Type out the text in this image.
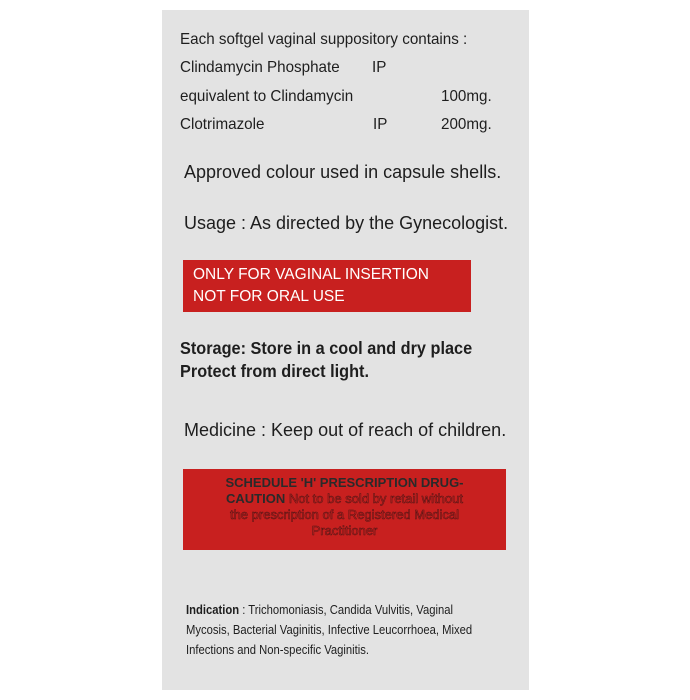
Each softgel vaginal suppository contains :
Clindamycin Phosphate IP
equivalent to Clindamycin	100mg.
Clotrimazole	IP	200mg.
Approved colour used in capsule shells.
Usage : As directed by the Gynecologist.
ONLY FOR VAGINAL INSERTION
NOT FOR ORAL USE
Storage: Store in a cool and dry place
Protect from direct light.
Medicine : Keep out of reach of children.
SCHEDULE 'H' PRESCRIPTION DRUG-
CAUTION Not to be sold by retail without
the prescription of a Registered Medical
Practitioner
Indication : Trichomoniasis, Candida Vulvitis, Vaginal Mycosis, Bacterial Vaginitis, Infective Leucorrhoea, Mixed Infections and Non-specific Vaginitis.
